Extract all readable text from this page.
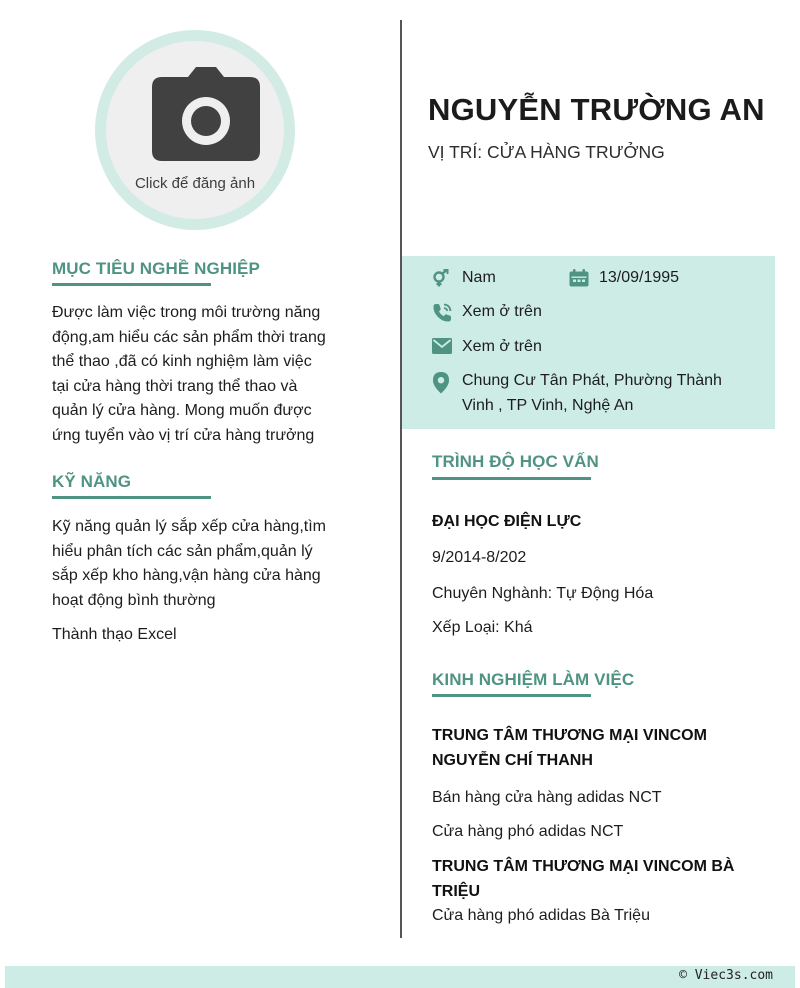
Click để đăng ảnh
MỤC TIÊU NGHỀ NGHIỆP
Được làm việc trong môi trường năng
động,am hiểu các sản phẩm thời trang
thể thao ,đã có kinh nghiệm làm việc
tại cửa hàng thời trang thể thao và
quản lý cửa hàng. Mong muốn được
ứng tuyển vào vị trí cửa hàng trưởng
KỸ NĂNG
Kỹ năng quản lý sắp xếp cửa hàng,tìm
hiểu phân tích các sản phẩm,quản lý
sắp xếp kho hàng,vận hàng cửa hàng
hoạt động bình thường
Thành thạo Excel
NGUYỄN TRƯỜNG AN
VỊ TRÍ: CỬA HÀNG TRƯỞNG
Nam	13/09/1995
Xem ở trên
Xem ở trên
Chung Cư Tân Phát, Phường Thành
Vinh , TP Vinh, Nghệ An
TRÌNH ĐỘ HỌC VẤN
ĐẠI HỌC ĐIỆN LỰC
9/2014-8/202
Chuyên Nghành: Tự Động Hóa
Xếp Loại: Khá
KINH NGHIỆM LÀM VIỆC
TRUNG TÂM THƯƠNG MẠI VINCOM
NGUYỄN CHÍ THANH
Bán hàng cửa hàng adidas NCT
Cửa hàng phó adidas NCT
TRUNG TÂM THƯƠNG MẠI VINCOM BÀ
TRIỆU
Cửa hàng phó adidas Bà Triệu
© Viec3s.com
